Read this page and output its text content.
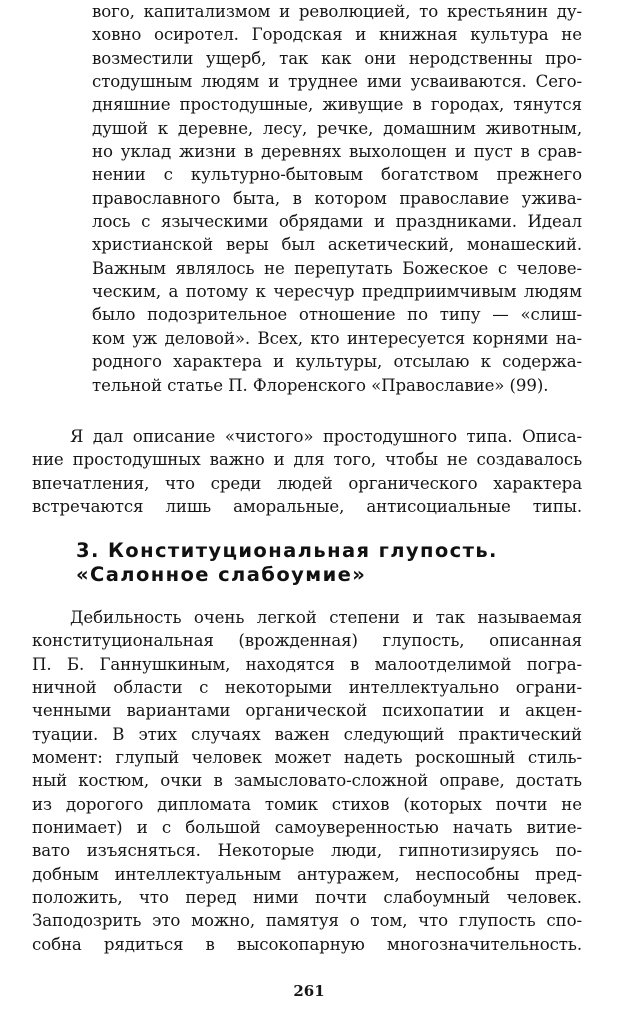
вого, капитализмом и революцией, то крестьянин ду-
ховно осиротел. Городская и книжная культура не
возместили ущерб, так как они неродственны про-
стодушным людям и труднее ими усваиваются. Сего-
дняшние простодушные, живущие в городах, тянутся
душой к деревне, лесу, речке, домашним животным,
но уклад жизни в деревнях выхолощен и пуст в срав-
нении с культурно-бытовым богатством прежнего
православного быта, в котором православие ужива-
лось с языческими обрядами и праздниками. Идеал
христианской веры был аскетический, монашеский.
Важным являлось не перепутать Божеское с челове-
ческим, а потому к чересчур предприимчивым людям
было подозрительное отношение по типу — «слиш-
ком уж деловой». Всех, кто интересуется корнями на-
родного характера и культуры, отсылаю к содержа-
тельной статье П. Флоренского «Православие» (99).
Я дал описание «чистого» простодушного типа. Описа-
ние простодушных важно и для того, чтобы не создавалось
впечатления, что среди людей органического характера
встречаются лишь аморальные, антисоциальные типы.
3. Конституциональная глупость.
«Салонное слабоумие»
Дебильность очень легкой степени и так называемая
конституциональная (врожденная) глупость, описанная
П. Б. Ганнушкиным, находятся в малоотделимой погра-
ничной области с некоторыми интеллектуально ограни-
ченными вариантами органической психопатии и акцен-
туации. В этих случаях важен следующий практический
момент: глупый человек может надеть роскошный стиль-
ный костюм, очки в замысловато-сложной оправе, достать
из дорогого дипломата томик стихов (которых почти не
понимает) и с большой самоуверенностью начать витие-
вато изъясняться. Некоторые люди, гипнотизируясь по-
добным интеллектуальным антуражем, неспособны пред-
положить, что перед ними почти слабоумный человек.
Заподозрить это можно, памятуя о том, что глупость спо-
собна рядиться в высокопарную многозначительность.
261
